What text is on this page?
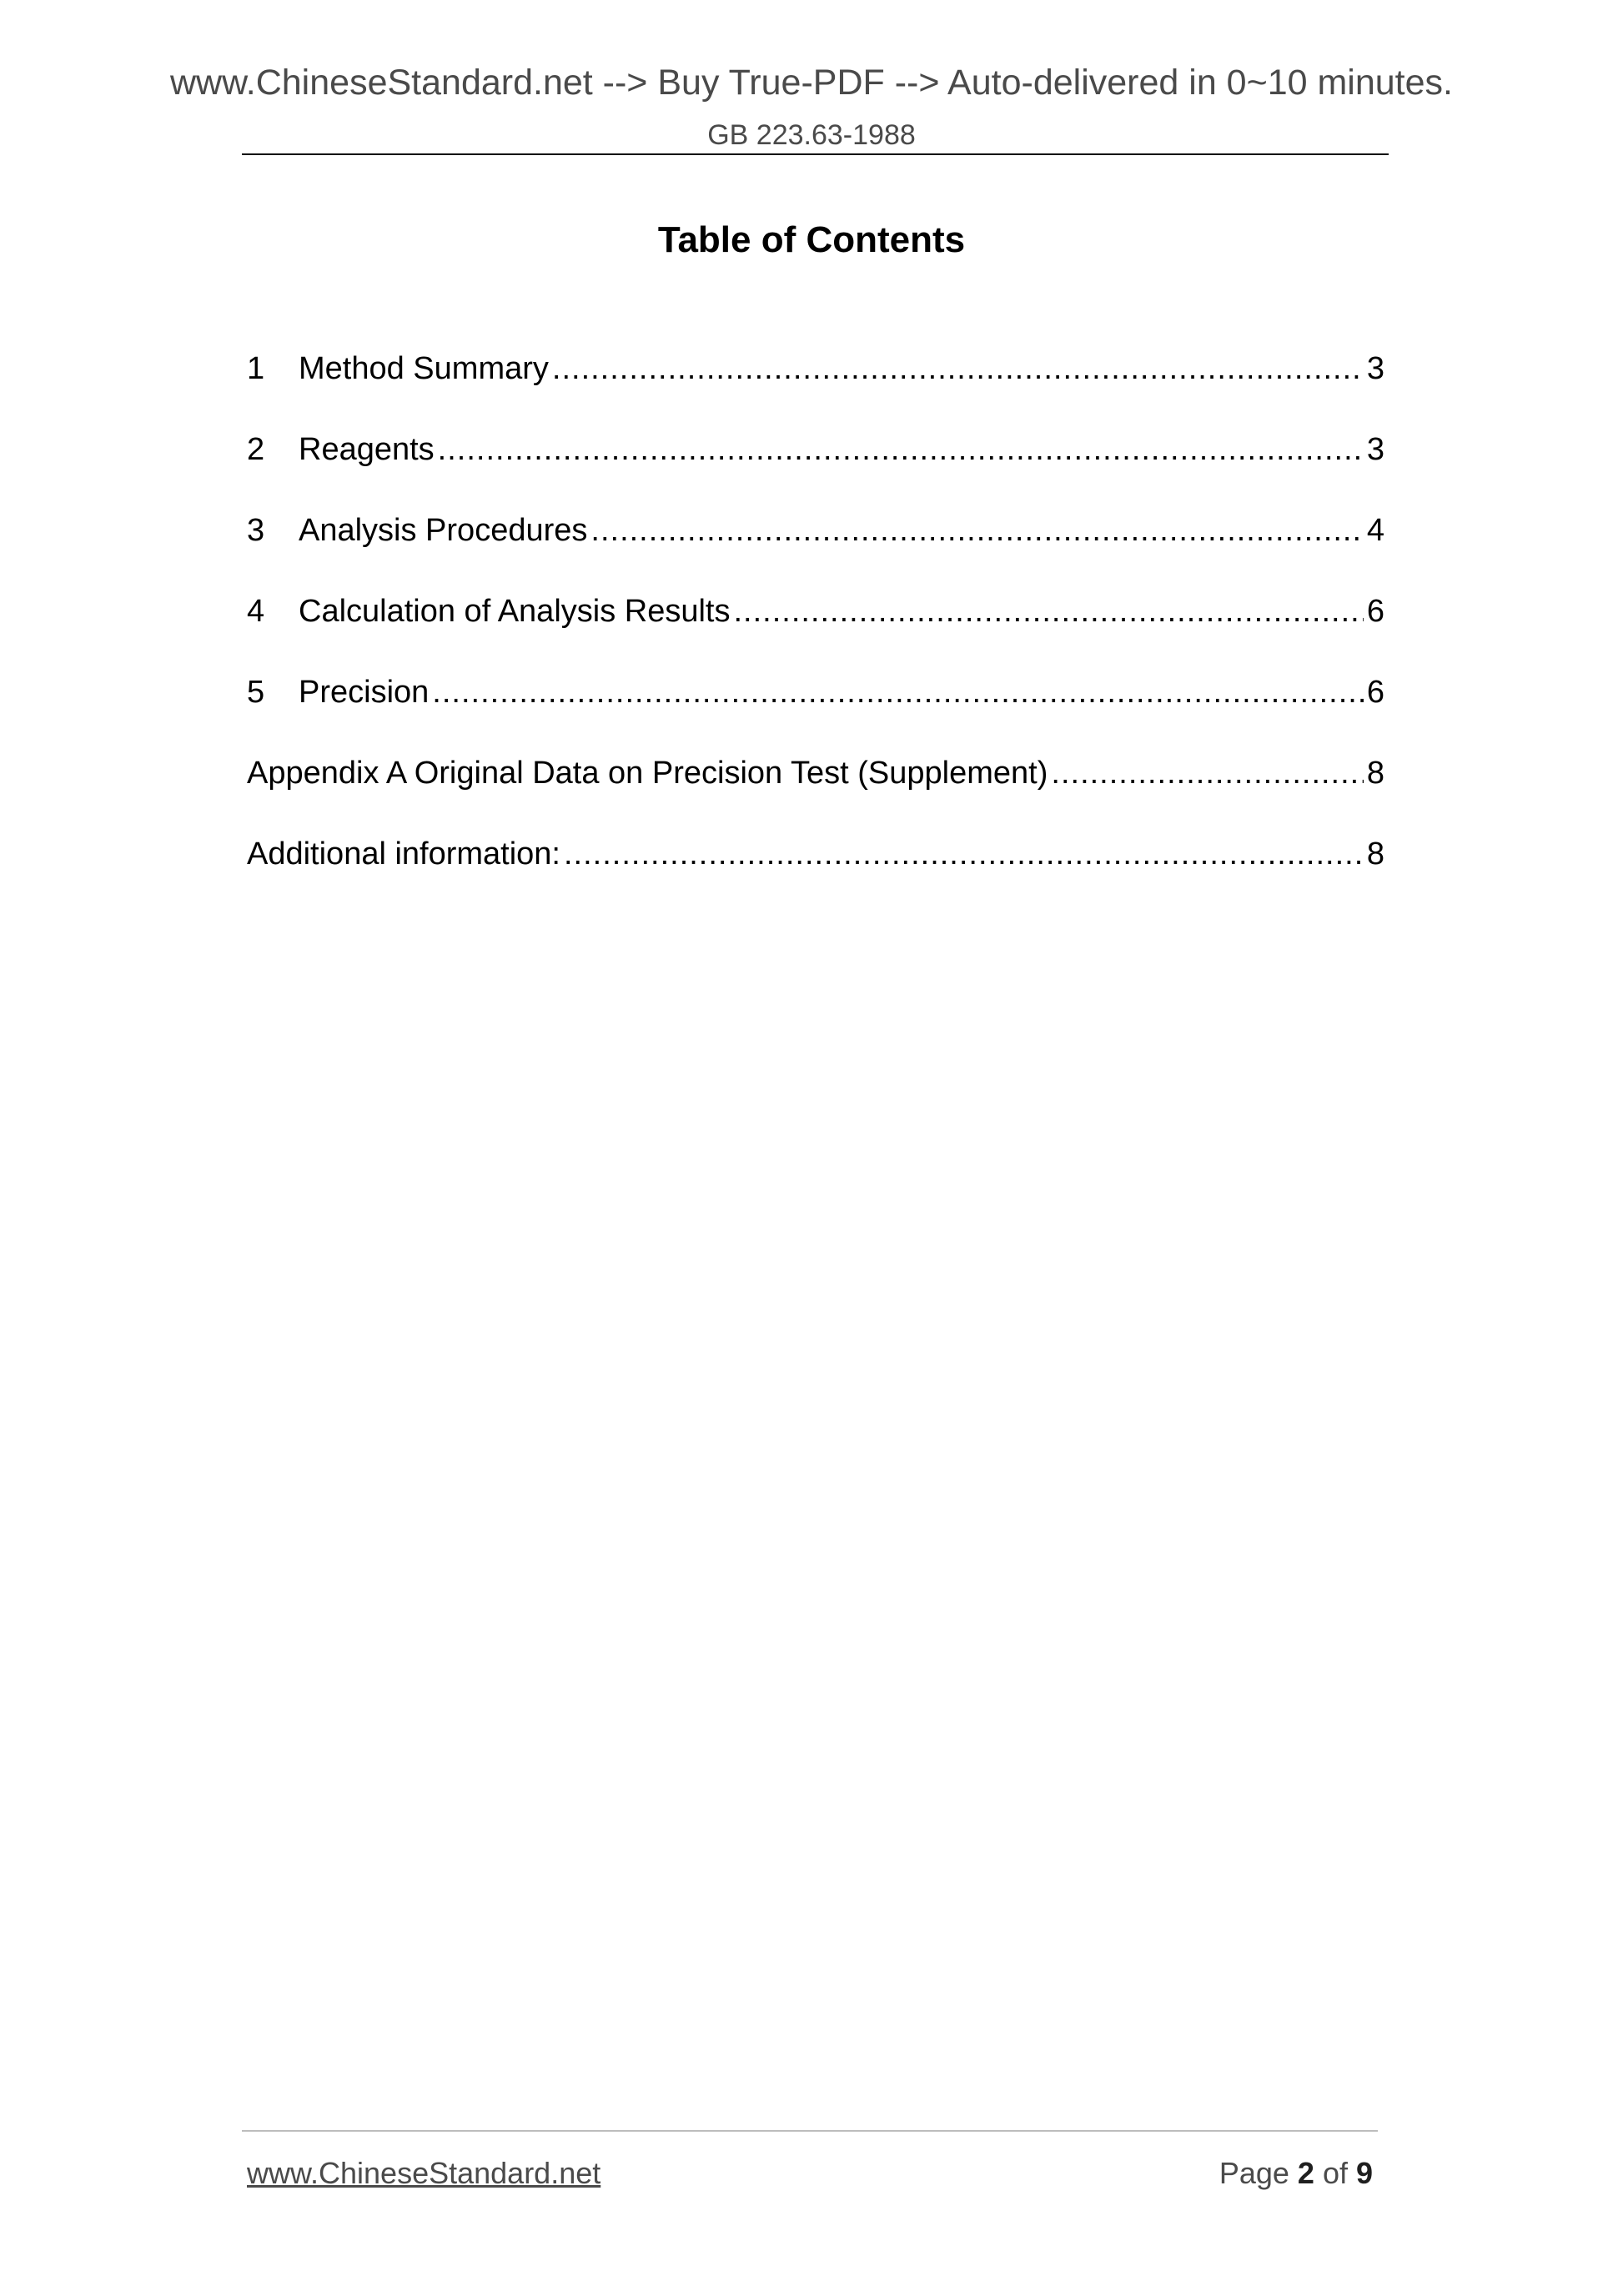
www.ChineseStandard.net --> Buy True-PDF --> Auto-delivered in 0~10 minutes.
GB 223.63-1988
Table of Contents
1	Method Summary .....	3
2	Reagents .....	3
3	Analysis Procedures .....	4
4	Calculation of Analysis Results .....	6
5	Precision .....	6
Appendix A Original Data on Precision Test (Supplement) .....	8
Additional information: .....	8
www.ChineseStandard.net	Page 2 of 9
